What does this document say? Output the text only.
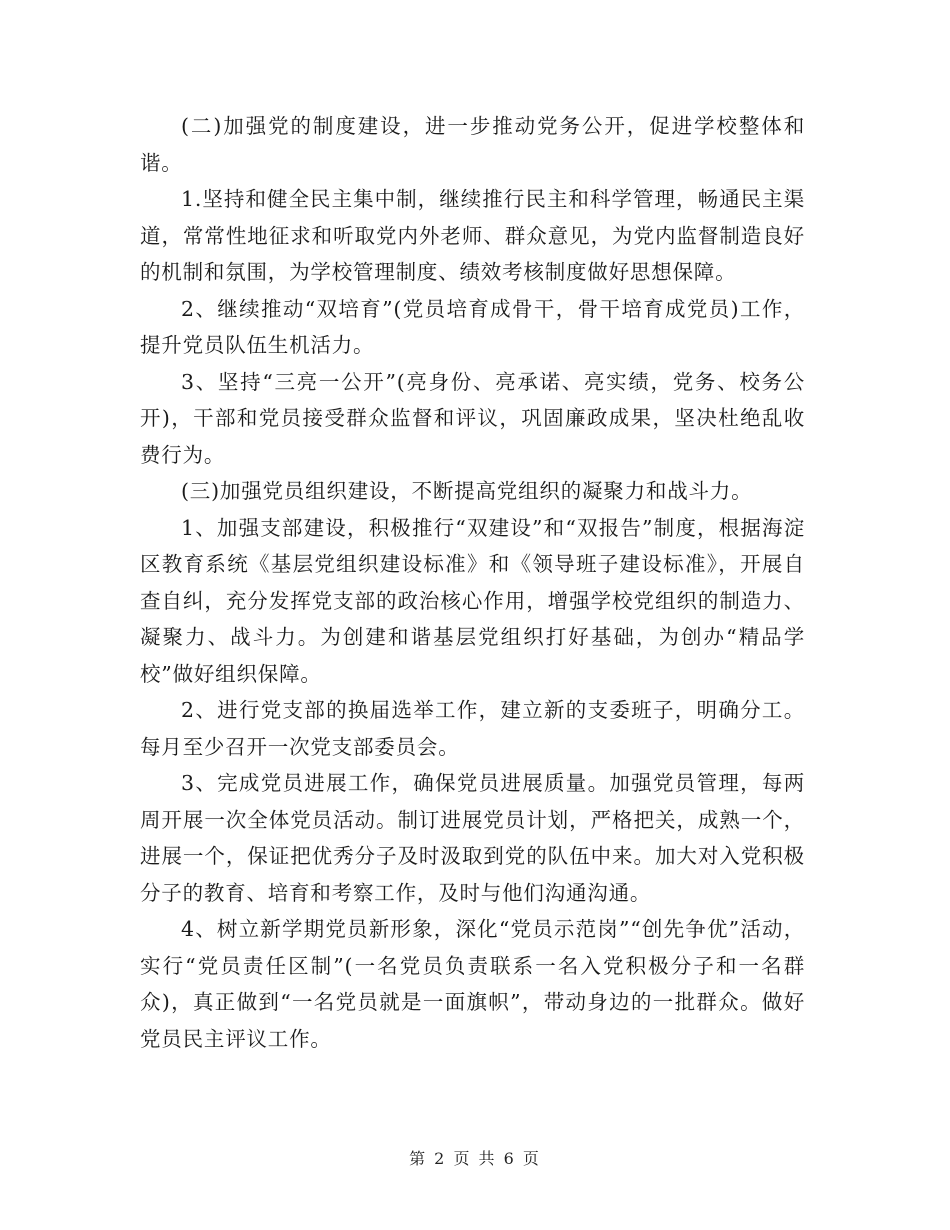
(二)加强党的制度建设，进一步推动党务公开，促进学校整体和谐。

1.坚持和健全民主集中制，继续推行民主和科学管理，畅通民主渠道，常常性地征求和听取党内外老师、群众意见，为党内监督制造良好的机制和氛围，为学校管理制度、绩效考核制度做好思想保障。

2、继续推动“双培育”(党员培育成骨干，骨干培育成党员)工作，提升党员队伍生机活力。

3、坚持“三亮一公开”(亮身份、亮承诺、亮实绩，党务、校务公开)，干部和党员接受群众监督和评议，巩固廉政成果，坚决杜绝乱收费行为。

(三)加强党员组织建设，不断提高党组织的凝聚力和战斗力。

1、加强支部建设，积极推行“双建设”和“双报告”制度，根据海淀区教育系统《基层党组织建设标准》和《领导班子建设标准》，开展自查自纠，充分发挥党支部的政治核心作用，增强学校党组织的制造力、凝聚力、战斗力。为创建和谐基层党组织打好基础，为创办“精品学校”做好组织保障。

2、进行党支部的换届选举工作，建立新的支委班子，明确分工。每月至少召开一次党支部委员会。

3、完成党员进展工作，确保党员进展质量。加强党员管理，每两周开展一次全体党员活动。制订进展党员计划，严格把关，成熟一个，进展一个，保证把优秀分子及时汲取到党的队伍中来。加大对入党积极分子的教育、培育和考察工作，及时与他们沟通沟通。

4、树立新学期党员新形象，深化“党员示范岗”“创先争优”活动，实行“党员责任区制”(一名党员负责联系一名入党积极分子和一名群众)，真正做到“一名党员就是一面旗帜”，带动身边的一批群众。做好党员民主评议工作。

第 2 页 共 6 页
